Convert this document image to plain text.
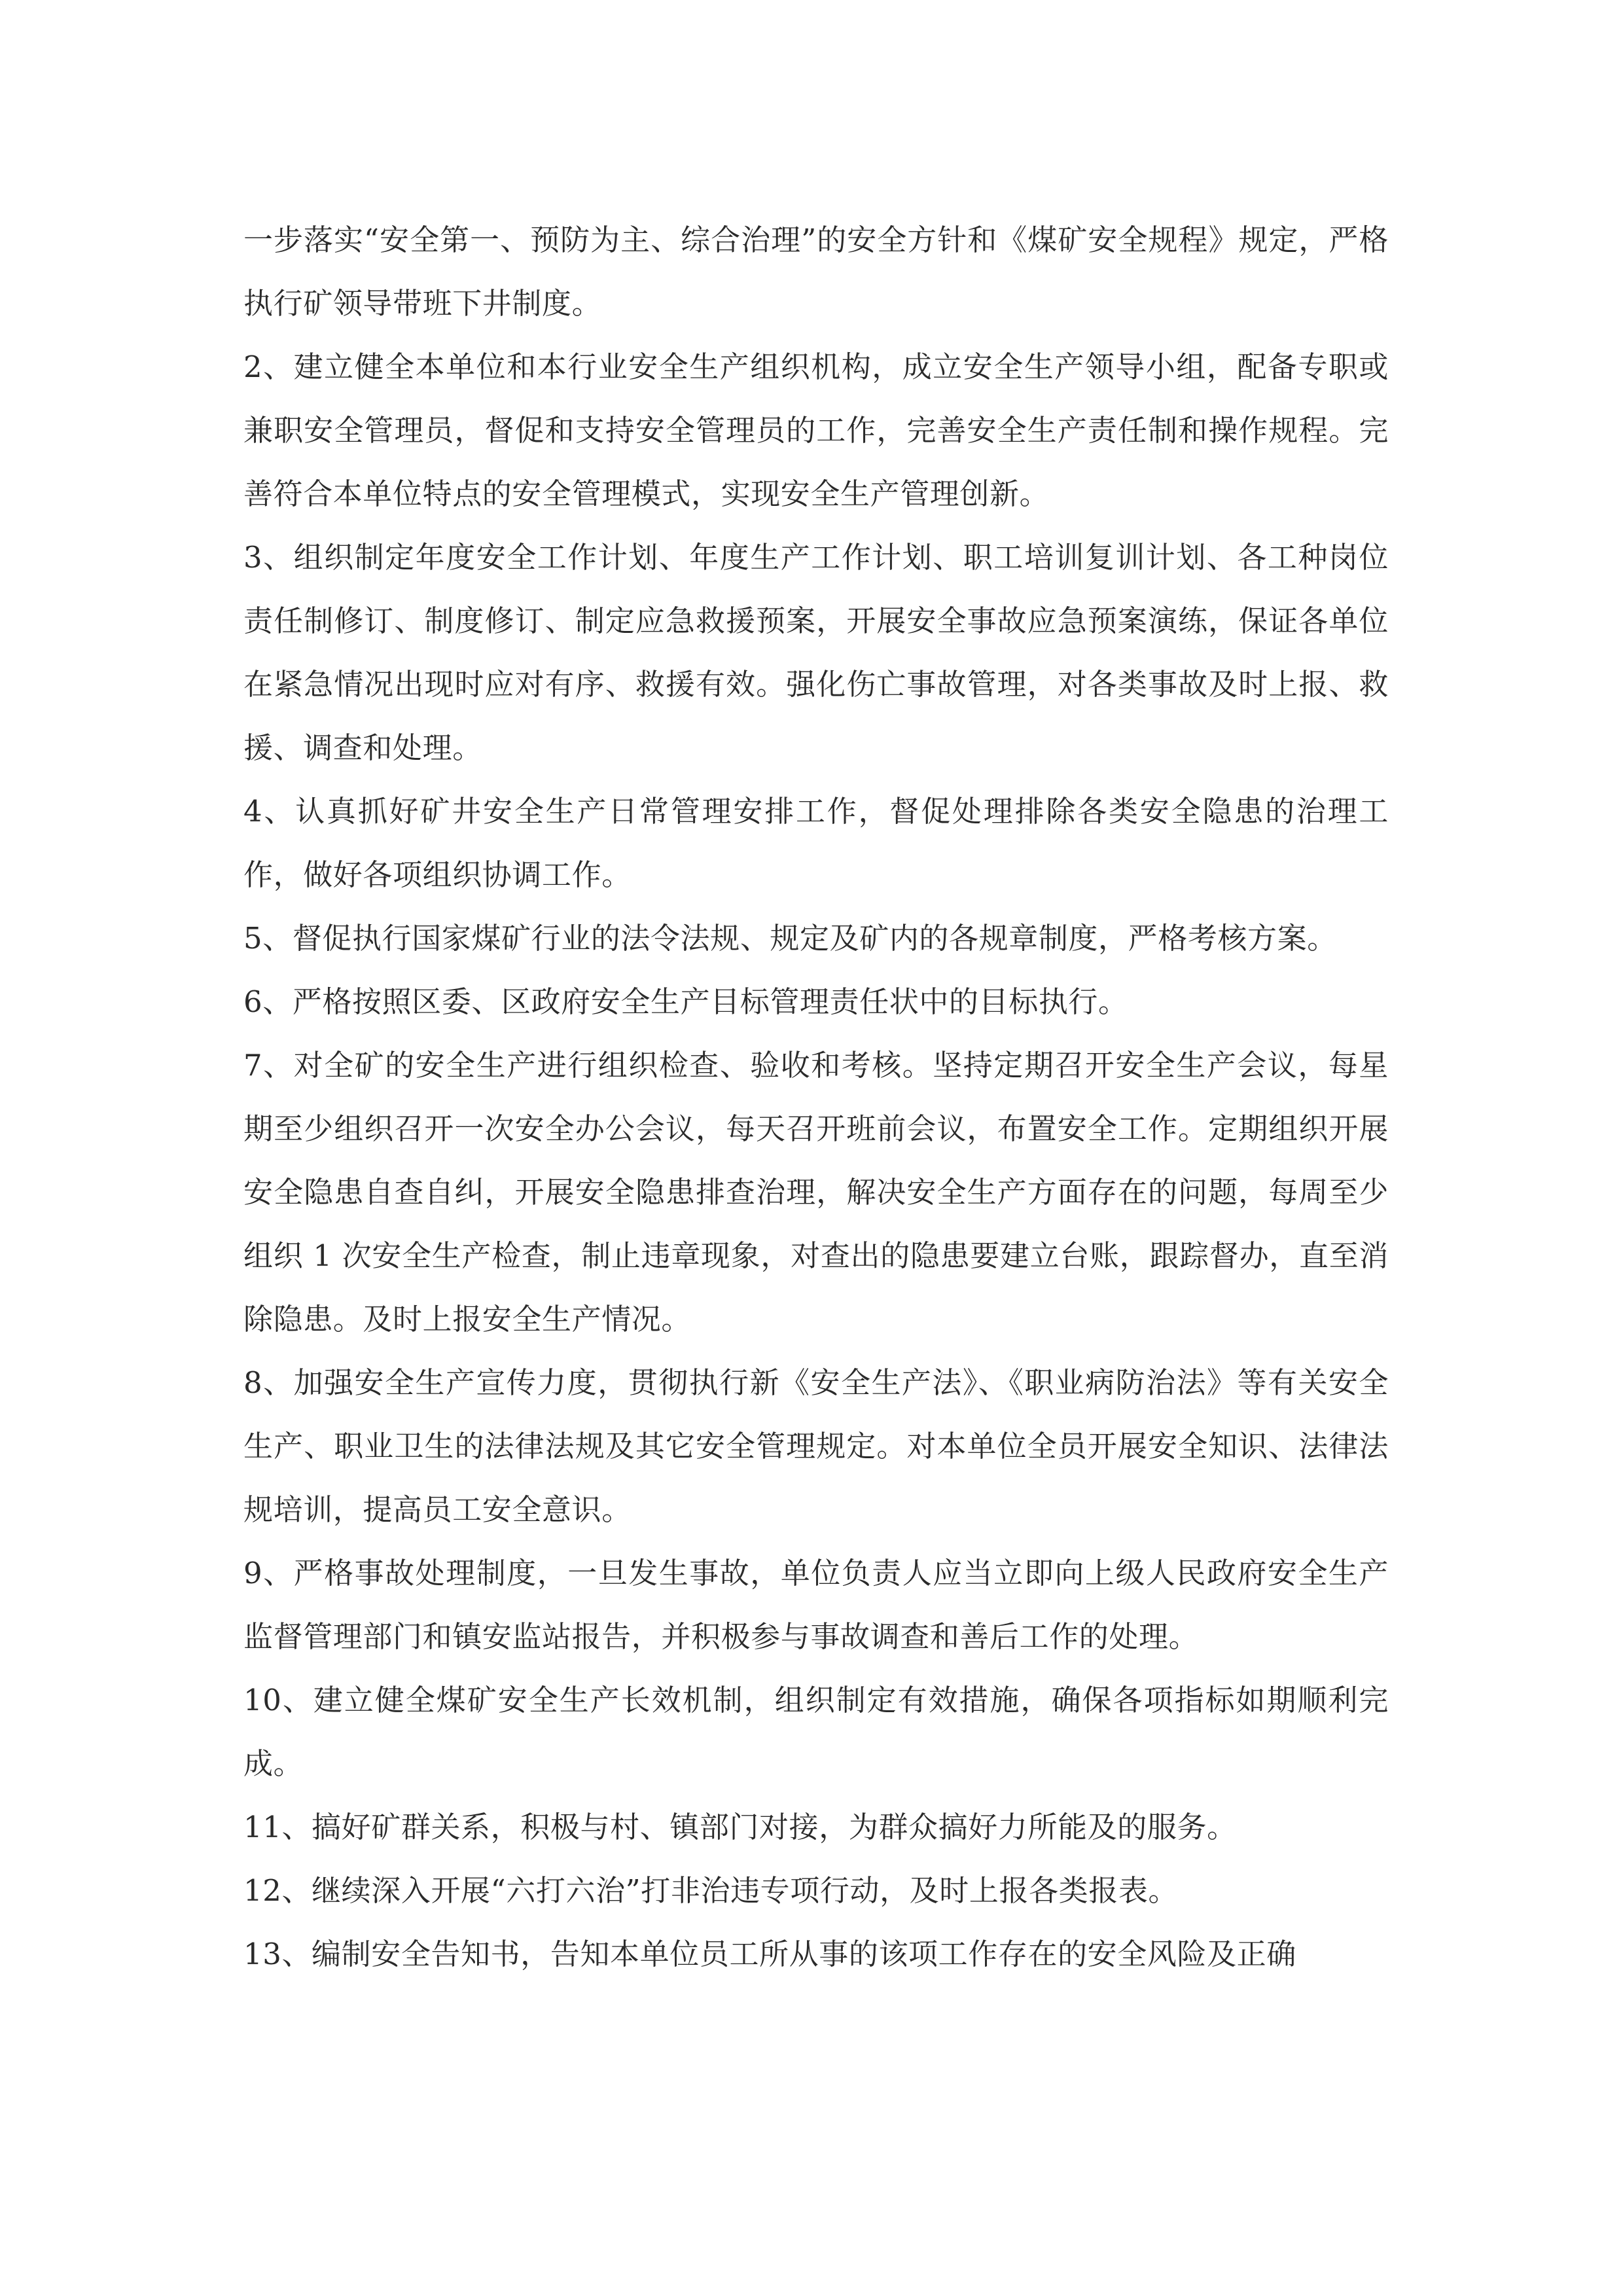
一步落实“安全第一、预防为主、综合治理”的安全方针和《煤矿安全规程》规定，严格执行矿领导带班下井制度。

2、建立健全本单位和本行业安全生产组织机构，成立安全生产领导小组，配备专职或兼职安全管理员，督促和支持安全管理员的工作，完善安全生产责任制和操作规程。完善符合本单位特点的安全管理模式，实现安全生产管理创新。

3、组织制定年度安全工作计划、年度生产工作计划、职工培训复训计划、各工种岗位责任制修订、制度修订、制定应急救援预案，开展安全事故应急预案演练，保证各单位在紧急情况出现时应对有序、救援有效。强化伤亡事故管理，对各类事故及时上报、救援、调查和处理。

4、认真抓好矿井安全生产日常管理安排工作，督促处理排除各类安全隐患的治理工作，做好各项组织协调工作。

5、督促执行国家煤矿行业的法令法规、规定及矿内的各规章制度，严格考核方案。

6、严格按照区委、区政府安全生产目标管理责任状中的目标执行。

7、对全矿的安全生产进行组织检查、验收和考核。坚持定期召开安全生产会议，每星期至少组织召开一次安全办公会议，每天召开班前会议，布置安全工作。定期组织开展安全隐患自查自纠，开展安全隐患排查治理，解决安全生产方面存在的问题，每周至少组织 1 次安全生产检查，制止违章现象，对查出的隐患要建立台账，跟踪督办，直至消除隐患。及时上报安全生产情况。

8、加强安全生产宣传力度，贯彻执行新《安全生产法》、《职业病防治法》等有关安全生产、职业卫生的法律法规及其它安全管理规定。对本单位全员开展安全知识、法律法规培训，提高员工安全意识。

9、严格事故处理制度，一旦发生事故，单位负责人应当立即向上级人民政府安全生产监督管理部门和镇安监站报告，并积极参与事故调查和善后工作的处理。

10、建立健全煤矿安全生产长效机制，组织制定有效措施，确保各项指标如期顺利完成。

11、搞好矿群关系，积极与村、镇部门对接，为群众搞好力所能及的服务。

12、继续深入开展“六打六治”打非治违专项行动，及时上报各类报表。

13、编制安全告知书，告知本单位员工所从事的该项工作存在的安全风险及正确
